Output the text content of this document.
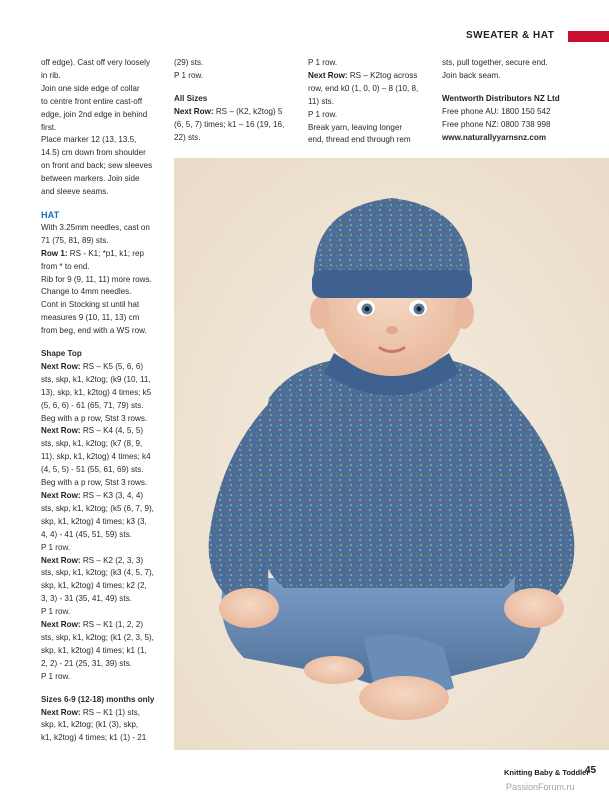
SWEATER & HAT

off edge). Cast off very loosely

in rib.

Join one side edge of collar

to centre front entire cast-off

edge, join 2nd edge in behind

first.

Place marker 12 (13, 13.5,

14.5) cm down from shoulder

on front and back; sew sleeves

between markers. Join side

and sleeve seams.

HAT

With 3.25mm needles, cast on

71 (75, 81, 89) sts.

Row 1: RS - K1; *p1, k1; rep

from * to end.

Rib for 9 (9, 11, 11) more rows.

Change to 4mm needles.

Cont in Stocking st until hat

measures 9 (10, 11, 13) cm

from beg, end with a WS row.

Shape Top

Next Row: RS – K5 (5, 6, 6)

sts, skp, k1, k2tog; (k9 (10, 11,

13), skp, k1, k2tog) 4 times; k5

(5, 6, 6) - 61 (65, 71, 79) sts.

Beg with a p row, Stst 3 rows.

Next Row: RS – K4 (4, 5, 5)

sts, skp, k1, k2tog; (k7 (8, 9,

11), skp, k1, k2tog) 4 times; k4

(4, 5, 5) - 51 (55, 61, 69) sts.

Beg with a p row, Stst 3 rows.

Next Row: RS – K3 (3, 4, 4)

sts, skp, k1, k2tog; (k5 (6, 7, 9),

skp, k1, k2tog) 4 times; k3 (3,

4, 4) - 41 (45, 51, 59) sts.

P 1 row.

Next Row: RS – K2 (2, 3, 3)

sts, skp, k1, k2tog; (k3 (4, 5, 7),

skp, k1, k2tog) 4 times; k2 (2,

3, 3) - 31 (35, 41, 49) sts.

P 1 row.

Next Row: RS – K1 (1, 2, 2)

sts, skp, k1, k2tog; (k1 (2, 3, 5),

skp, k1, k2tog) 4 times; k1 (1,

2, 2) - 21 (25, 31, 39) sts.

P 1 row.

Sizes 6-9 (12-18) months only

Next Row: RS – K1 (1) sts,

skp, k1, k2tog; (k1 (3), skp,

k1, k2tog) 4 times; k1 (1) - 21

(29) sts.

P 1 row.

All Sizes

Next Row: RS – (K2, k2tog) 5

(6, 5, 7) times; k1 – 16 (19, 16,

22) sts.

P 1 row.

Next Row: RS – K2tog across

row, end k0 (1, 0, 0) – 8 (10, 8,

11) sts.

P 1 row.

Break yarn, leaving longer

end, thread end through rem

sts, pull together, secure end.

Join back seam.

Wentworth Distributors NZ Ltd

Free phone AU: 1800 150 542

Free phone NZ: 0800 738 998

www.naturallyyarnsnz.com

Knitting Baby & Toddler
45
PassionForum.ru
